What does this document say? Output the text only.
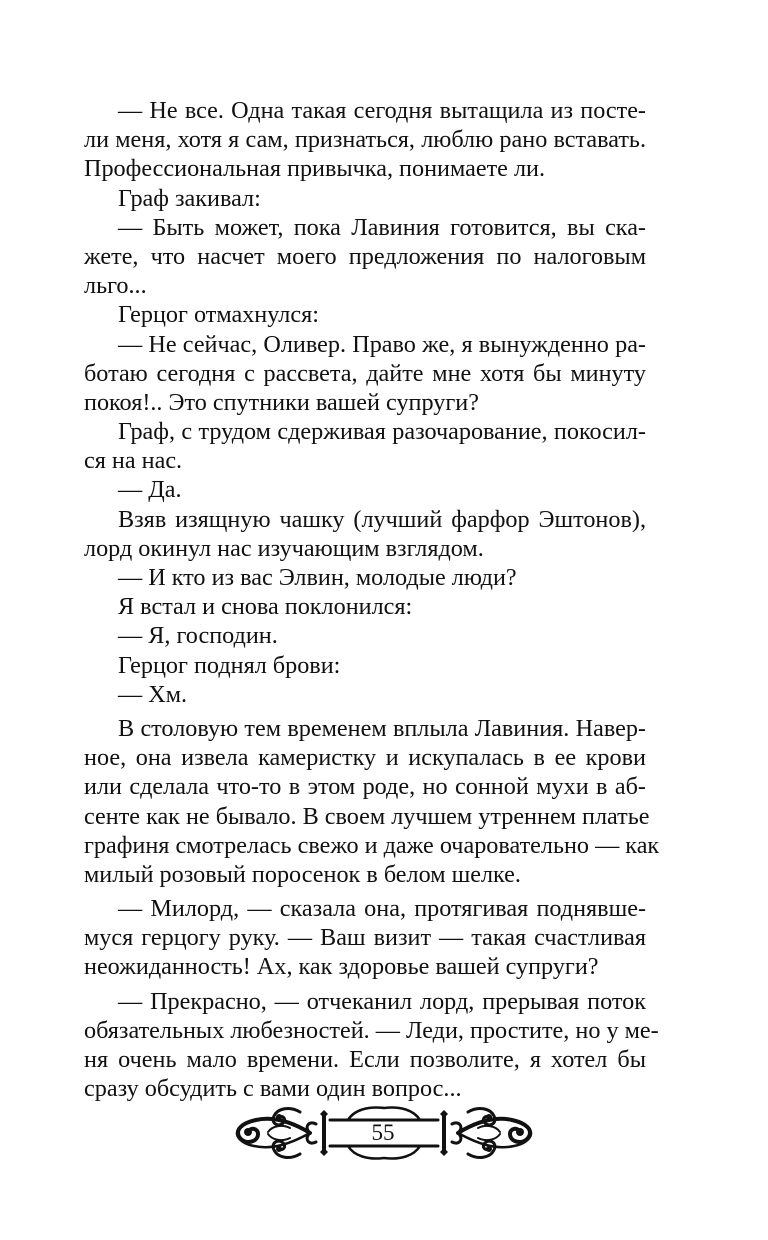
— Не все. Одна такая сегодня вытащила из посте-
ли меня, хотя я сам, признаться, люблю рано вставать.
Профессиональная привычка, понимаете ли.
Граф закивал:
— Быть может, пока Лавиния готовится, вы ска-
жете, что насчет моего предложения по налоговым
льго...
Герцог отмахнулся:
— Не сейчас, Оливер. Право же, я вынужденно ра-
ботаю сегодня с рассвета, дайте мне хотя бы минуту
покоя!.. Это спутники вашей супруги?
Граф, с трудом сдерживая разочарование, покосил-
ся на нас.
— Да.
Взяв изящную чашку (лучший фарфор Эштонов),
лорд окинул нас изучающим взглядом.
— И кто из вас Элвин, молодые люди?
Я встал и снова поклонился:
— Я, господин.
Герцог поднял брови:
— Хм.
В столовую тем временем вплыла Лавиния. Навер-
ное, она извела камеристку и искупалась в ее крови
или сделала что-то в этом роде, но сонной мухи в аб-
сенте как не бывало. В своем лучшем утреннем платье
графиня смотрелась свежо и даже очаровательно — как
милый розовый поросенок в белом шелке.
— Милорд, — сказала она, протягивая поднявше-
муся герцогу руку. — Ваш визит — такая счастливая
неожиданность! Ах, как здоровье вашей супруги?
— Прекрасно, — отчеканил лорд, прерывая поток
обязательных любезностей. — Леди, простите, но у ме-
ня очень мало времени. Если позволите, я хотел бы
сразу обсудить с вами один вопрос...
55
